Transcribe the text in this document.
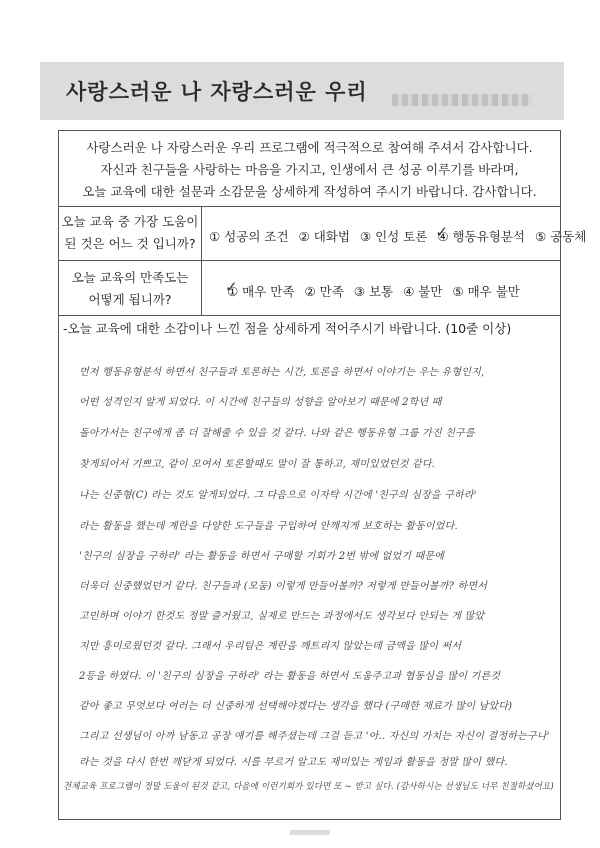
사랑스러운 나 자랑스러운 우리
사랑스러운 나 자랑스러운 우리 프로그램에 적극적으로 참여해 주셔서 감사합니다.
자신과 친구들을 사랑하는 마음을 가지고, 인생에서 큰 성공 이루기를 바라며,
오늘 교육에 대한 설문과 소감문을 상세하게 작성하여 주시기 바랍니다. 감사합니다.
오늘 교육 중 가장 도움이
된 것은 어느 것 입니까?	① 성공의 조건 ② 대화법 ③ 인성 토론 ④ 행동유형분석 ✓ ⑤ 공동체
오늘 교육의 만족도는
어떻게 됩니까?
① 매우 만족 ✓ ② 만족 ③ 보통 ④ 불만 ⑤ 매우 불만
-오늘 교육에 대한 소감이나 느낀 점을 상세하게 적어주시기 바랍니다. (10줄 이상)
먼저 행동유형분석 하면서 친구들과 토론하는 시간, 토론을 하면서 이야기는 우는 유형인지,
어떤 성격인지 알게 되었다. 이 시간에 친구들의 성향을 알아보기 때문에 2학년 때
돌아가서는 친구에게 좀 더 잘해줄 수 있을 것 같다. 나와 같은 행동유형 그룹 가진 친구를
찾게되어서 기쁘고, 같이 모여서 토론할때도 말이 잘 통하고, 재미있었던것 같다.
나는 신중형(C) 라는 것도 알게되었다. 그 다음으로 이자탁 시간에 '친구의 심장을 구하라'
라는 활동을 했는데 계란을 다양한 도구들을 구입하여 안깨지게 보호하는 활동이었다.
'친구의 심장을 구하라' 라는 활동을 하면서 구매할 기회가 2번 밖에 없었기 때문에
더욱더 신중했었던거 같다. 친구들과 (모둠) 이렇게 만들어볼까? 저렇게 만들어볼까? 하면서
고민하며 이야기 한것도 정말 즐거웠고, 실제로 만드는 과정에서도 생각보다 안되는 게 많았
지만 흥미로웠던것 같다. 그래서 우리팀은 계란을 깨트리지 않았는데 금액을 많이 써서
2등을 하였다. 이 '친구의 심장을 구하라' 라는 활동을 하면서 도움주고과 협동심을 많이 기른것
같아 좋고 무엇보다 여러는 더 신중하게 선택해야겠다는 생각을 했다 (구매한 재료가 많이 남았다)
그리고 선생님이 아까 남동고 공장 얘기를 해주셨는데 그걸 듣고 '아.. 자신의 가치는 자신이 결정하는구나'
라는 것을 다시 한번 깨닫게 되었다. 시를 부르거 알고도 재미있는 게임과 활동을 정말 많이 했다.
전체교육 프로그램이 정말 도움이 된것 같고, 다음에 이런기회가 있다면 또 ~ 받고 싶다. (감사하시는 선생님도 너무 친절하셨어요)
